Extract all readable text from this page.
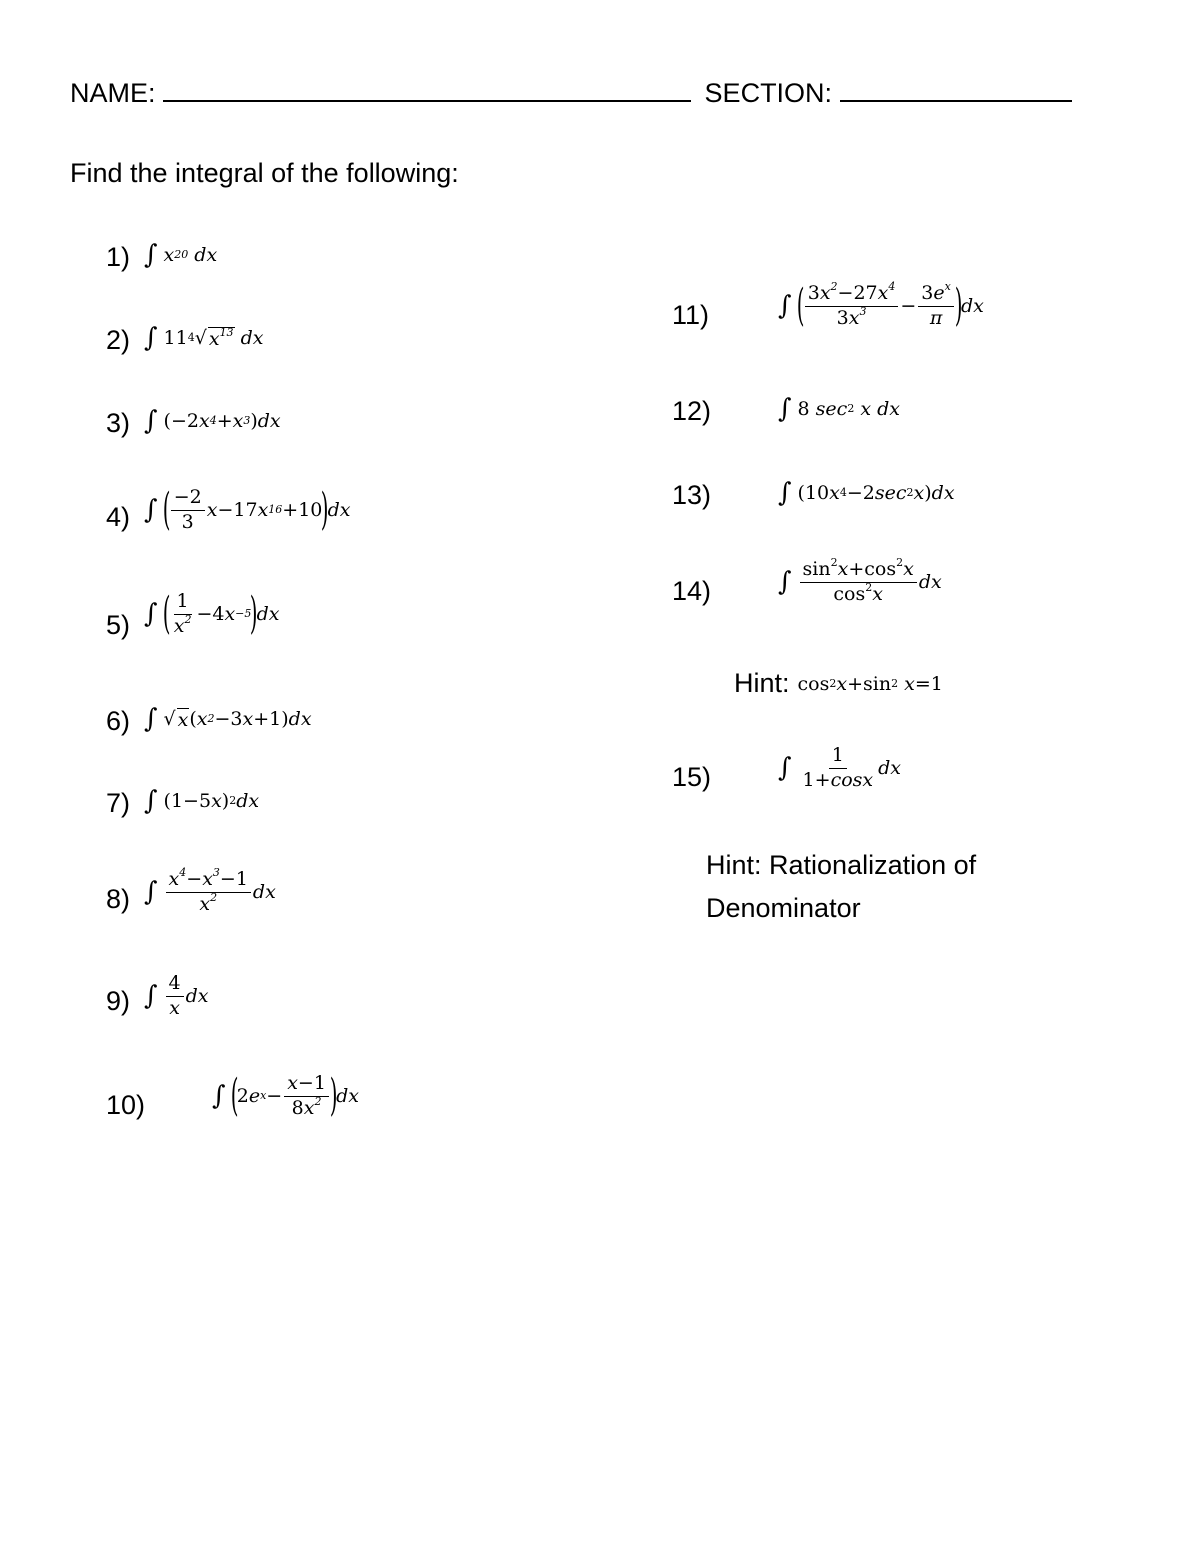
NAME:	SECTION:
Find the integral of the following:
1) ∫ x 20 dx
2) ∫ 11 4 √ $x^{13}$ dx
3) ∫ (−2 x 4 + x 3 ) dx
4) ∫ ( $\frac{-2}{3}$ x −17 x 16 +10
)
dx
5) ∫ ( $\frac{1}{x^2} -4$ x −5
)
dx
6) ∫ √ x ( x 2 −3 x +1) dx
7) ∫ (1−5 x ) 2 dx
8) ∫ $\frac{x^4-x^3-1}{x^2}$ dx
9) ∫ $\frac{4}{x}$ dx
10)	∫ (
2 e $x - \frac{x-1}{8x^2}$ )
dx
11)	∫ ( $\frac{3x^2-27x^4}{3x^3} - \frac{3e^x}{\pi}$ )
dx
12)	∫ 8 sec 2 x dx
13)	∫ (10 x 4 −2 sec 2 x ) dx
14)	∫ $\frac{\sin^2x+\cos^2x}{\cos^2x}$ dx
Hint: cos 2 x +sin 2 x =1
15)	∫ $\frac{1}{1+\cos x}$ dx
Hint: Rationalization of Denominator
